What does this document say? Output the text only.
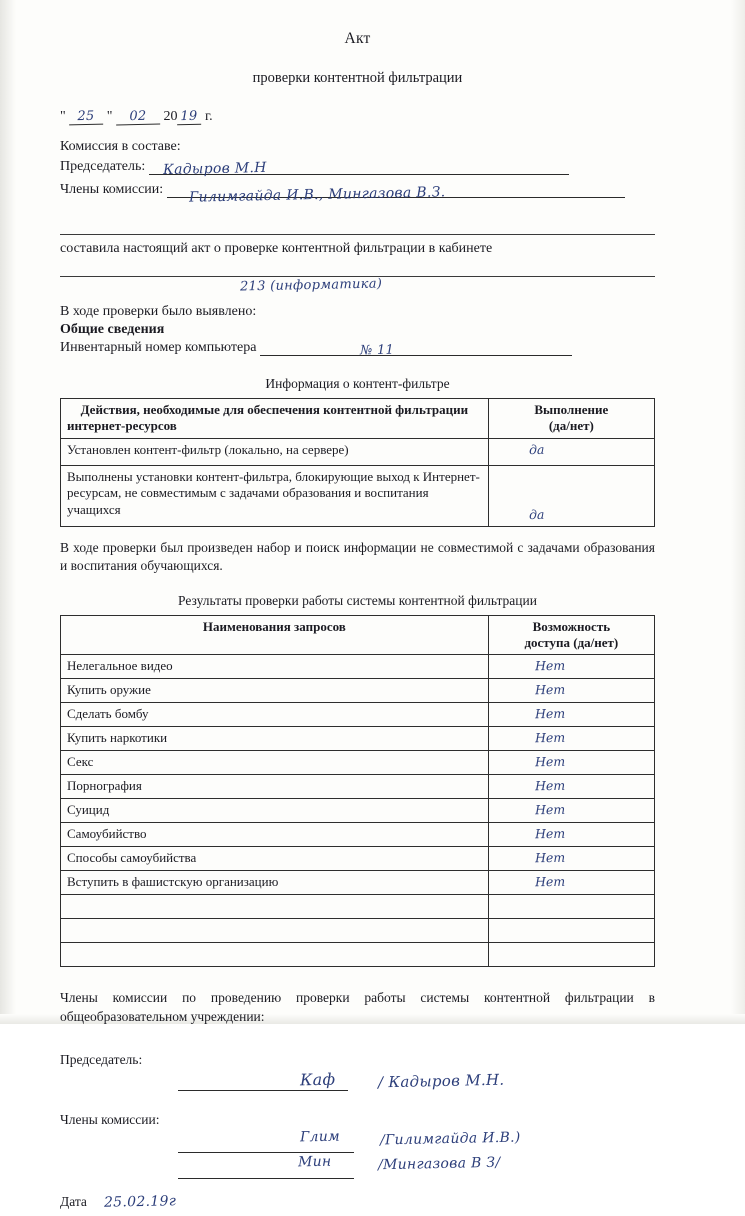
Акт
проверки контентной фильтрации
" 25 " 02 20 19 г.
Комиссия в составе:
Председатель: Кадыров М.Н
Члены комиссии: Гилимгайда И.В., Мингазова В.З.
составила настоящий акт о проверке контентной фильтрации в кабинете
213 (информатика)
В ходе проверки было выявлено:
Общие сведения
Инвентарный номер компьютера	№ 11
Информация о контент-фильтре
Действия, необходимые для обеспечения контентной фильтрации

интернет-ресурсов	Выполнение
(да/нет)
Установлен контент-фильтр (локально, на сервере)	да
Выполнены установки контент-фильтра, блокирующие выход к Интернет-ресурсам, не совместимым с задачами образования и воспитания учащихся	да
В ходе проверки был произведен набор и поиск информации не совместимой с задачами образования и воспитания обучающихся.
Результаты проверки работы системы контентной фильтрации
Наименования запросов	Возможность
доступа (да/нет)
Нелегальное видео	Нет
Купить оружие	Нет
Сделать бомбу	Нет
Купить наркотики	Нет
Секс	Нет
Порнография	Нет
Суицид	Нет
Самоубийство	Нет
Способы самоубийства	Нет
Вступить в фашистскую организацию	Нет

Члены комиссии по проведению проверки работы системы контентной фильтрации в общеобразовательном учреждении:
Председатель:
Каф	/ Кадыров М.Н.
Члены комиссии:
Глим	/Гилимгайда И.В.)
Мин	/Мингазова В З/
Дата 25.02.19г
